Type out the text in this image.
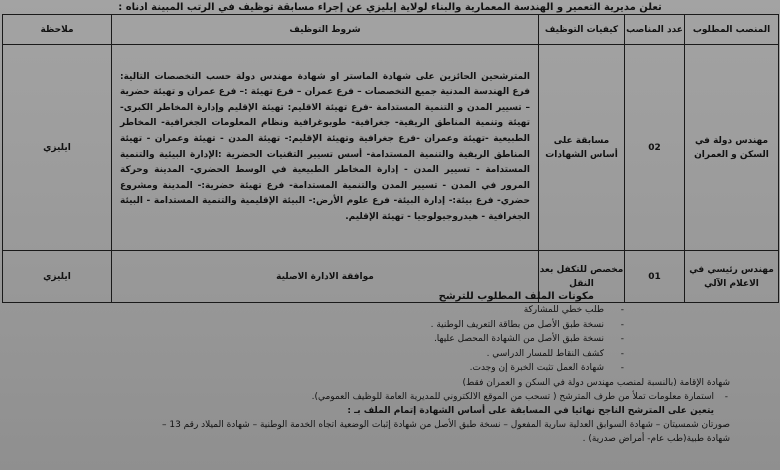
تعلن مديرية التعمير و الهندسة المعمارية والبناء لولاية إيليزي عن إجراء مسابقة توظيف في الرتب المبينة أدناه :
المنصب المطلوب	عدد المناصب	كيفيات التوظيف	شروط التوظيف	ملاحظة
مهندس دولة في السكن و العمران	02	مسابقة على أساس الشهادات	المترشحين الحائزين على شهادة الماستر او شهادة مهندس دولة حسب التخصصات التالية: فرع الهندسة المدنية جميع التخصصات – فرع عمران – فرع تهيئة :– فرع عمران و تهيئة حضرية – تسيير المدن و التنمية المستدامة -فرع تهيئة الاقليم: تهيئة الإقليم وإدارة المخاطر الكبرى- تهيئة وتنمية المناطق الريفية- جغرافية- طوبوغرافية ونظام المعلومات الجغرافية- المخاطر الطبيعية -تهيئة وعمران -فرع جغرافية وتهيئة الإقليم:- تهيئة المدن - تهيئة وعمران - تهيئة المناطق الريفية والتنمية المستدامة- أسس تسيير التقنيات الحضرية :الإدارة البيئية والتنمية المستدامة - تسيير المدن - إدارة المخاطر الطبيعية في الوسط الحضري- المدينة وحركة المرور في المدن - تسيير المدن والتنمية المستدامة- فرع تهيئة حضرية:- المدينة ومشروع حضري- فرع بيئة:- إدارة البيئة- فرع علوم الأرض:- البيئة الإقليمية والتنمية المستدامة - البيئة الجغرافية - هيدروجيولوجيا - تهيئة الإقليم.	ايليزي
مهندس رئيسي في الاعلام الآلي	01	مخصص للتكفل بعد النقل	موافقة الادارة الاصلية	ايليزي
مكونات الملف المطلوب للترشح
- طلب خطي للمشاركة
- نسخة طبق الأصل من بطاقة التعريف الوطنية .
- نسخة طبق الأصل من الشهادة المحصل عليها.
- كشف النقاط للمسار الدراسي .
- شهادة العمل تثبت الخبرة إن وجدت.
شهادة الإقامة (بالنسبة لمنصب مهندس دولة في السكن و العمران فقط)
- استمارة معلومات تملأ من طرف المترشح ( تسحب من الموقع الالكتروني للمديرية العامة للوظيف العمومي).
يتعين على المترشح الناجح نهائيا في المسابقة على أساس الشهادة إتمام الملف بـ :
صورتان شمسيتان – شهادة السوابق العدلية سارية المفعول – نسخة طبق الأصل من شهادة إثبات الوضعية اتجاه الخدمة الوطنية – شهادة الميلاد رقم 13 –
شهادة طبية(طب عام- أمراض صدرية) .
